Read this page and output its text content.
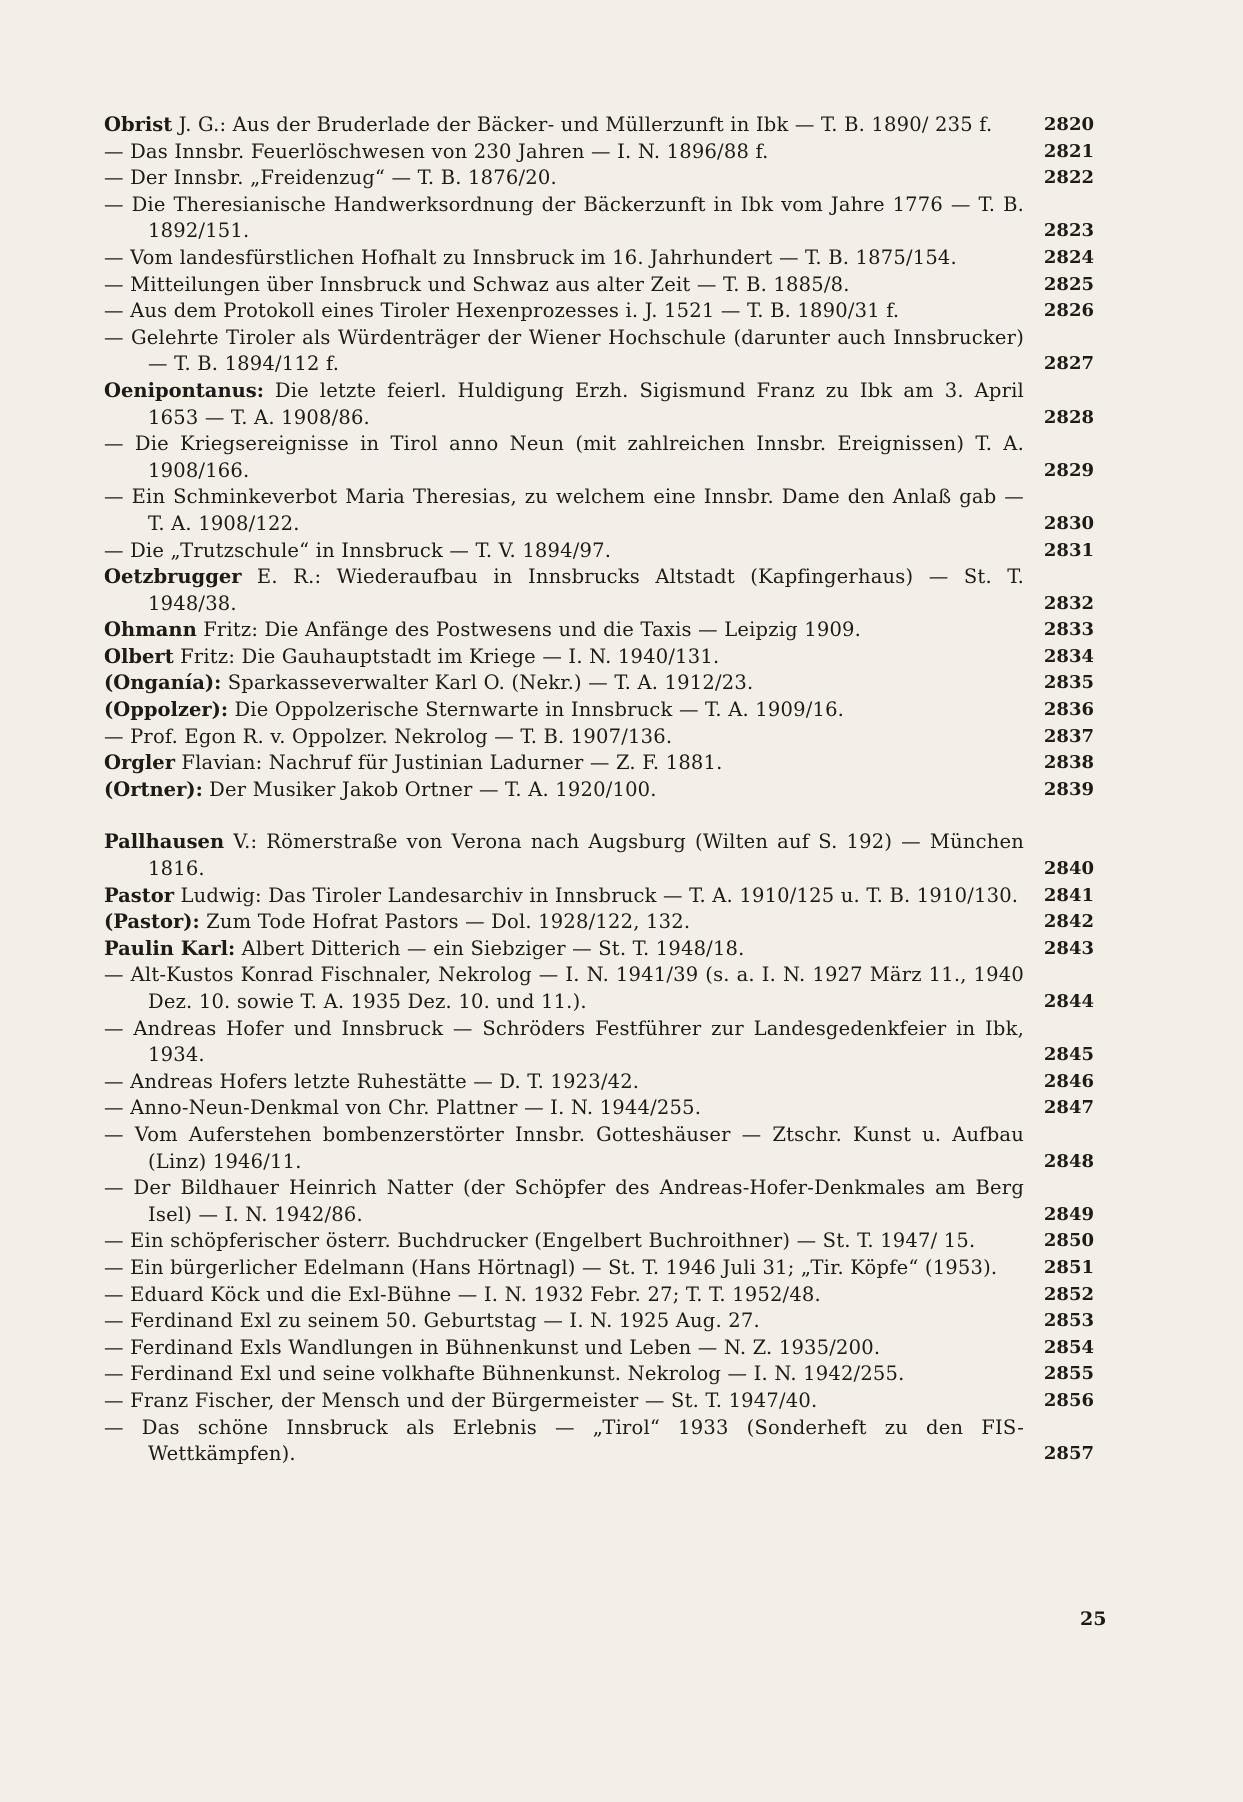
Obrist J. G.: Aus der Bruderlade der Bäcker- und Müllerzunft in Ibk — T. B. 1890/ 235 f.	2820
— Das Innsbr. Feuerlöschwesen von 230 Jahren — I. N. 1896/88 f.	2821
— Der Innsbr. „Freidenzug“ — T. B. 1876/20.	2822
— Die Theresianische Handwerksordnung der Bäckerzunft in Ibk vom Jahre 1776 — T. B. 1892/151.	2823
— Vom landesfürstlichen Hofhalt zu Innsbruck im 16. Jahrhundert — T. B. 1875/154.	2824
— Mitteilungen über Innsbruck und Schwaz aus alter Zeit — T. B. 1885/8.	2825
— Aus dem Protokoll eines Tiroler Hexenprozesses i. J. 1521 — T. B. 1890/31 f.	2826
— Gelehrte Tiroler als Würdenträger der Wiener Hochschule (darunter auch Innsbrucker) — T. B. 1894/112 f.	2827
Oenipontanus: Die letzte feierl. Huldigung Erzh. Sigismund Franz zu Ibk am 3. April 1653 — T. A. 1908/86.	2828
— Die Kriegsereignisse in Tirol anno Neun (mit zahlreichen Innsbr. Ereignissen) T. A. 1908/166.	2829
— Ein Schminkeverbot Maria Theresias, zu welchem eine Innsbr. Dame den Anlaß gab — T. A. 1908/122.	2830
— Die „Trutzschule“ in Innsbruck — T. V. 1894/97.	2831
Oetzbrugger E. R.: Wiederaufbau in Innsbrucks Altstadt (Kapfingerhaus) — St. T. 1948/38.	2832
Ohmann Fritz: Die Anfänge des Postwesens und die Taxis — Leipzig 1909.	2833
Olbert Fritz: Die Gauhauptstadt im Kriege — I. N. 1940/131.	2834
(Onganía): Sparkasseverwalter Karl O. (Nekr.) — T. A. 1912/23.	2835
(Oppolzer): Die Oppolzerische Sternwarte in Innsbruck — T. A. 1909/16.	2836
— Prof. Egon R. v. Oppolzer. Nekrolog — T. B. 1907/136.	2837
Orgler Flavian: Nachruf für Justinian Ladurner — Z. F. 1881.	2838
(Ortner): Der Musiker Jakob Ortner — T. A. 1920/100.	2839
Pallhausen V.: Römerstraße von Verona nach Augsburg (Wilten auf S. 192) — München 1816.	2840
Pastor Ludwig: Das Tiroler Landesarchiv in Innsbruck — T. A. 1910/125 u. T. B. 1910/130. 2841
(Pastor): Zum Tode Hofrat Pastors — Dol. 1928/122, 132.	2842
Paulin Karl: Albert Ditterich — ein Siebziger — St. T. 1948/18.	2843
— Alt-Kustos Konrad Fischnaler, Nekrolog — I. N. 1941/39 (s. a. I. N. 1927 März 11., 1940 Dez. 10. sowie T. A. 1935 Dez. 10. und 11.).	2844
— Andreas Hofer und Innsbruck — Schröders Festführer zur Landesgedenkfeier in Ibk, 1934.	2845
— Andreas Hofers letzte Ruhestätte — D. T. 1923/42.	2846
— Anno-Neun-Denkmal von Chr. Plattner — I. N. 1944/255.	2847
— Vom Auferstehen bombenzerstörter Innsbr. Gotteshäuser — Ztschr. Kunst u. Aufbau (Linz) 1946/11.	2848
— Der Bildhauer Heinrich Natter (der Schöpfer des Andreas-Hofer-Denkmales am Berg Isel) — I. N. 1942/86.	2849
— Ein schöpferischer österr. Buchdrucker (Engelbert Buchroithner) — St. T. 1947/ 15.	2850
— Ein bürgerlicher Edelmann (Hans Hörtnagl) — St. T. 1946 Juli 31; „Tir. Köpfe“ (1953).	2851
— Eduard Köck und die Exl-Bühne — I. N. 1932 Febr. 27; T. T. 1952/48.	2852
— Ferdinand Exl zu seinem 50. Geburtstag — I. N. 1925 Aug. 27.	2853
— Ferdinand Exls Wandlungen in Bühnenkunst und Leben — N. Z. 1935/200.	2854
— Ferdinand Exl und seine volkhafte Bühnenkunst. Nekrolog — I. N. 1942/255.	2855
— Franz Fischer, der Mensch und der Bürgermeister — St. T. 1947/40.	2856
— Das schöne Innsbruck als Erlebnis — „Tirol“ 1933 (Sonderheft zu den FIS-Wettkämpfen).	2857
25
